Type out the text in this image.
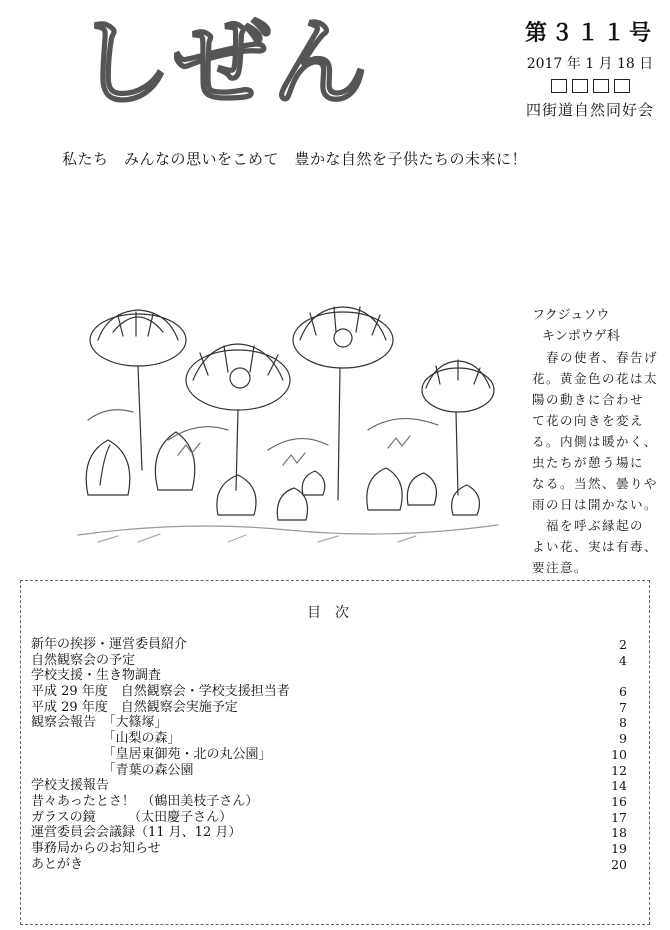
しぜん	第３１１号
2017 年 1 月 18 日
四街道自然同好会
私たち　みんなの思いをこめて　豊かな自然を子供たちの未来に！
フクジュソウ
キンポウゲ科
　春の使者、春告げ
花。黄金色の花は太
陽の動きに合わせ
て花の向きを変え
る。内側は暖かく、
虫たちが憩う場に
なる。当然、曇りや
雨の日は開かない。
　福を呼ぶ縁起の
よい花、実は有毒、
要注意。
目次
新年の挨拶・運営委員紹介	2
自然観察会の予定	4
学校支援・生き物調査
平成 29 年度　自然観察会・学校支援担当者	6
平成 29 年度　自然観察会実施予定	7
観察会報告　「大篠塚」	8
　　　　　　「山梨の森」	9
　　　　　　「皇居東御苑・北の丸公園」	10
　　　　　　「青葉の森公園	12
学校支援報告	14
昔々あったとさ！　（鶴田美枝子さん）	16
ガラスの鏡　　　（太田慶子さん）	17
運営委員会会議録（11 月、12 月）	18
事務局からのお知らせ	19
あとがき	20
